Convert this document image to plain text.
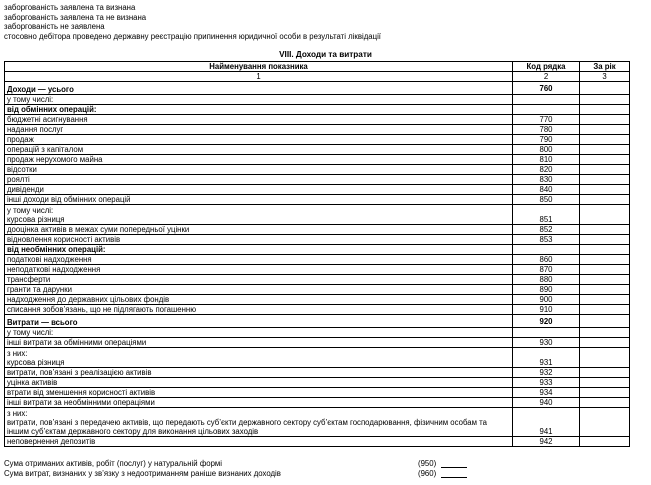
заборгованість заявлена та визнана
заборгованість заявлена та не визнана
заборгованість не заявлена
стосовно дебітора проведено державну реєстрацію припинення юридичної особи в результаті ліквідації
VIII. Доходи та витрати
Найменування показника	Код рядка	За рік
1	2	3

Доходи — усього	760	

у тому числі:		

від обмінних операцій:		

бюджетні асигнування	770	

надання послуг	780	

продаж	790	

операцій з капіталом	800	

продаж нерухомого майна	810	

відсотки	820	

роялті	830	

дивіденди	840	

інші доходи від обмінних операцій	850	

у тому числі:
курсова різниця	851	

дооцінка активів в межах суми попередньої уцінки	852	

відновлення корисності активів	853	

від необмінних операцій:		

податкові надходження	860	

неподаткові надходження	870	

трансферти	880	

гранти та дарунки	890	

надходження до державних цільових фондів	900	

списання зобов’язань, що не підлягають погашенню	910	

Витрати — всього	920	

у тому числі:		

інші витрати за обмінними операціями	930	

з них:
курсова різниця	931	

витрати, пов’язані з реалізацією активів	932	

уцінка активів	933	

втрати від зменшення корисності активів	934	

інші витрати за необмінними операціями	940	

з них:
витрати, пов’язані з передачею активів, що передають суб’єкти державного сектору суб’єктам господарювання, фізичним особам та іншим суб’єктам державного сектору для виконання цільових заходів	941	

неповернення депозитів	942	
Сума отриманих активів, робіт (послуг) у натуральній формі	(950)
Сума витрат, визнаних у зв’язку з недоотриманням раніше визнаних доходів	(960)
